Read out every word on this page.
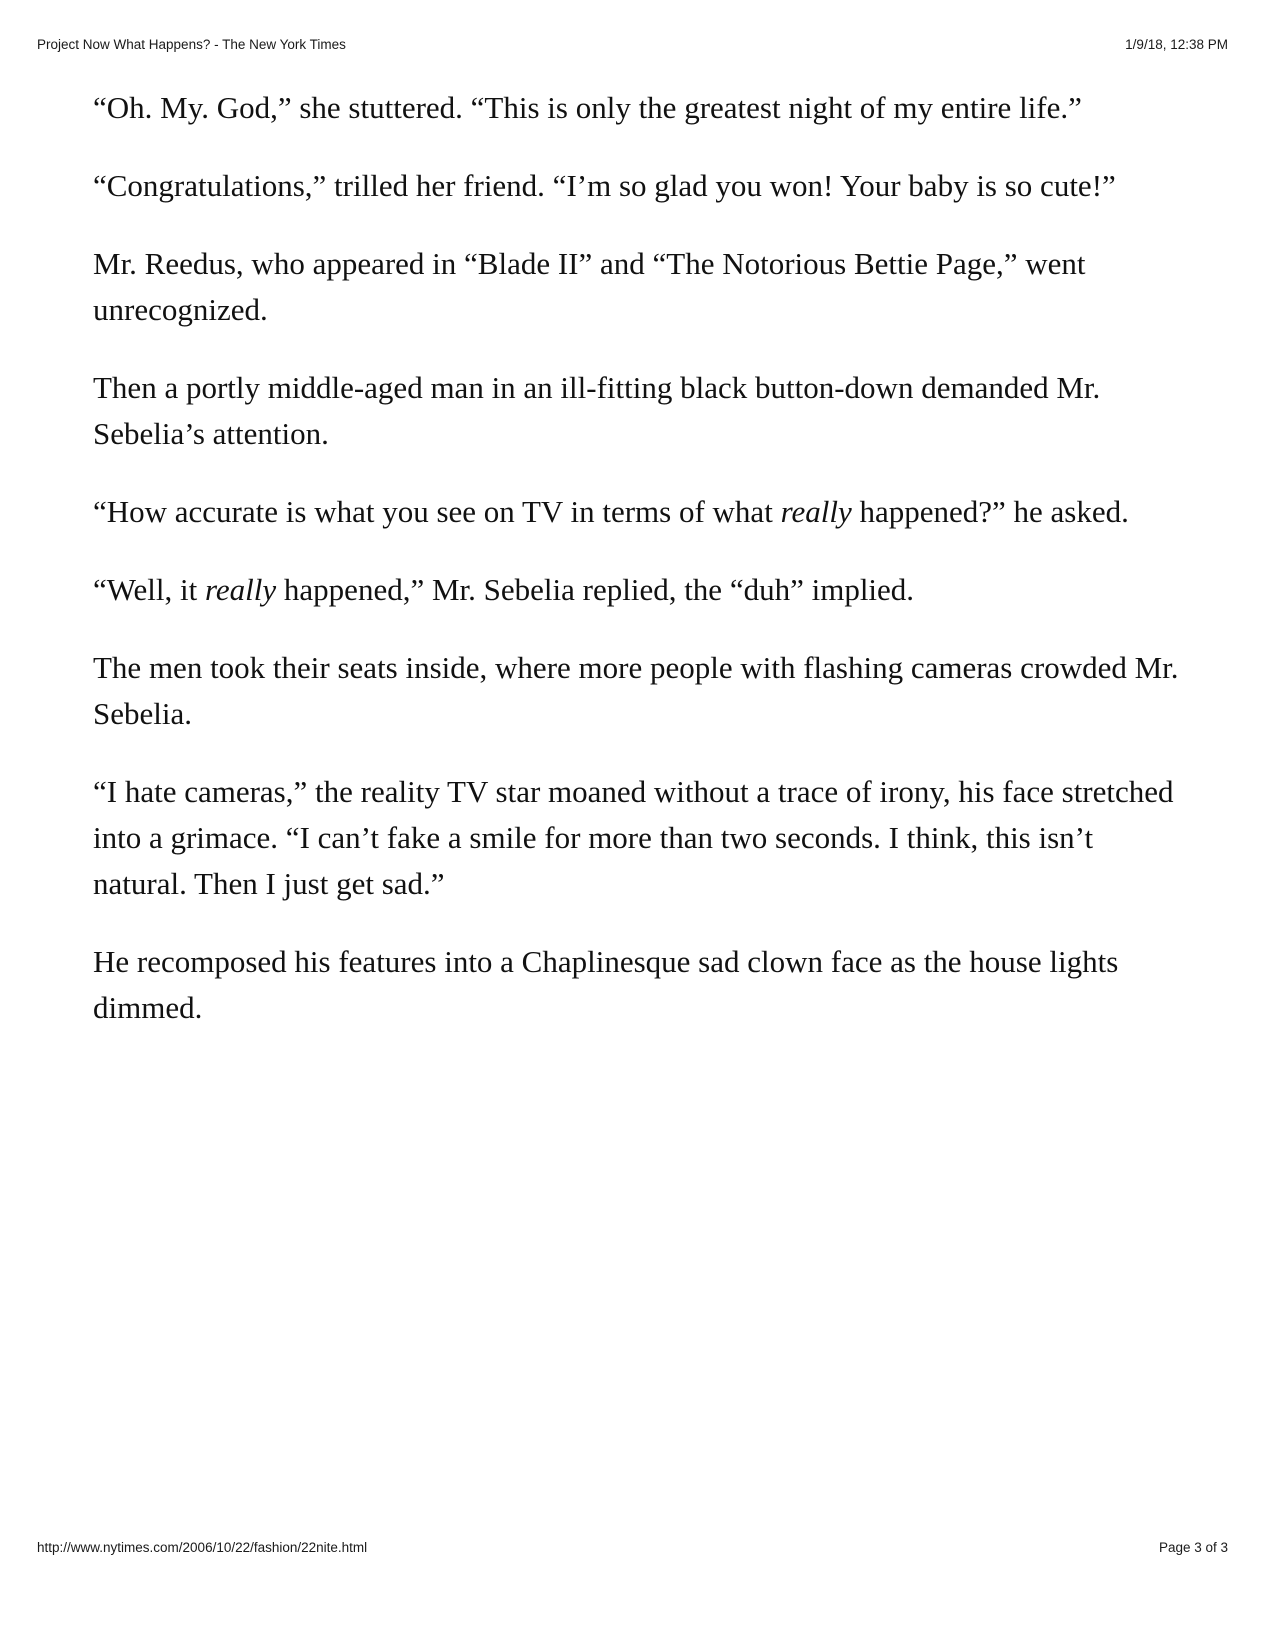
Project Now What Happens? - The New York Times	1/9/18, 12:38 PM

“Oh. My. God,” she stuttered. “This is only the greatest night of my entire life.”

“Congratulations,” trilled her friend. “I’m so glad you won! Your baby is so cute!”

Mr. Reedus, who appeared in “Blade II” and “The Notorious Bettie Page,” went unrecognized.

Then a portly middle-aged man in an ill-fitting black button-down demanded Mr. Sebelia’s attention.

“How accurate is what you see on TV in terms of what really happened?” he asked.

“Well, it really happened,” Mr. Sebelia replied, the “duh” implied.

The men took their seats inside, where more people with flashing cameras crowded Mr. Sebelia.

“I hate cameras,” the reality TV star moaned without a trace of irony, his face stretched into a grimace. “I can’t fake a smile for more than two seconds. I think, this isn’t natural. Then I just get sad.”

He recomposed his features into a Chaplinesque sad clown face as the house lights dimmed.

http://www.nytimes.com/2006/10/22/fashion/22nite.html	Page 3 of 3
